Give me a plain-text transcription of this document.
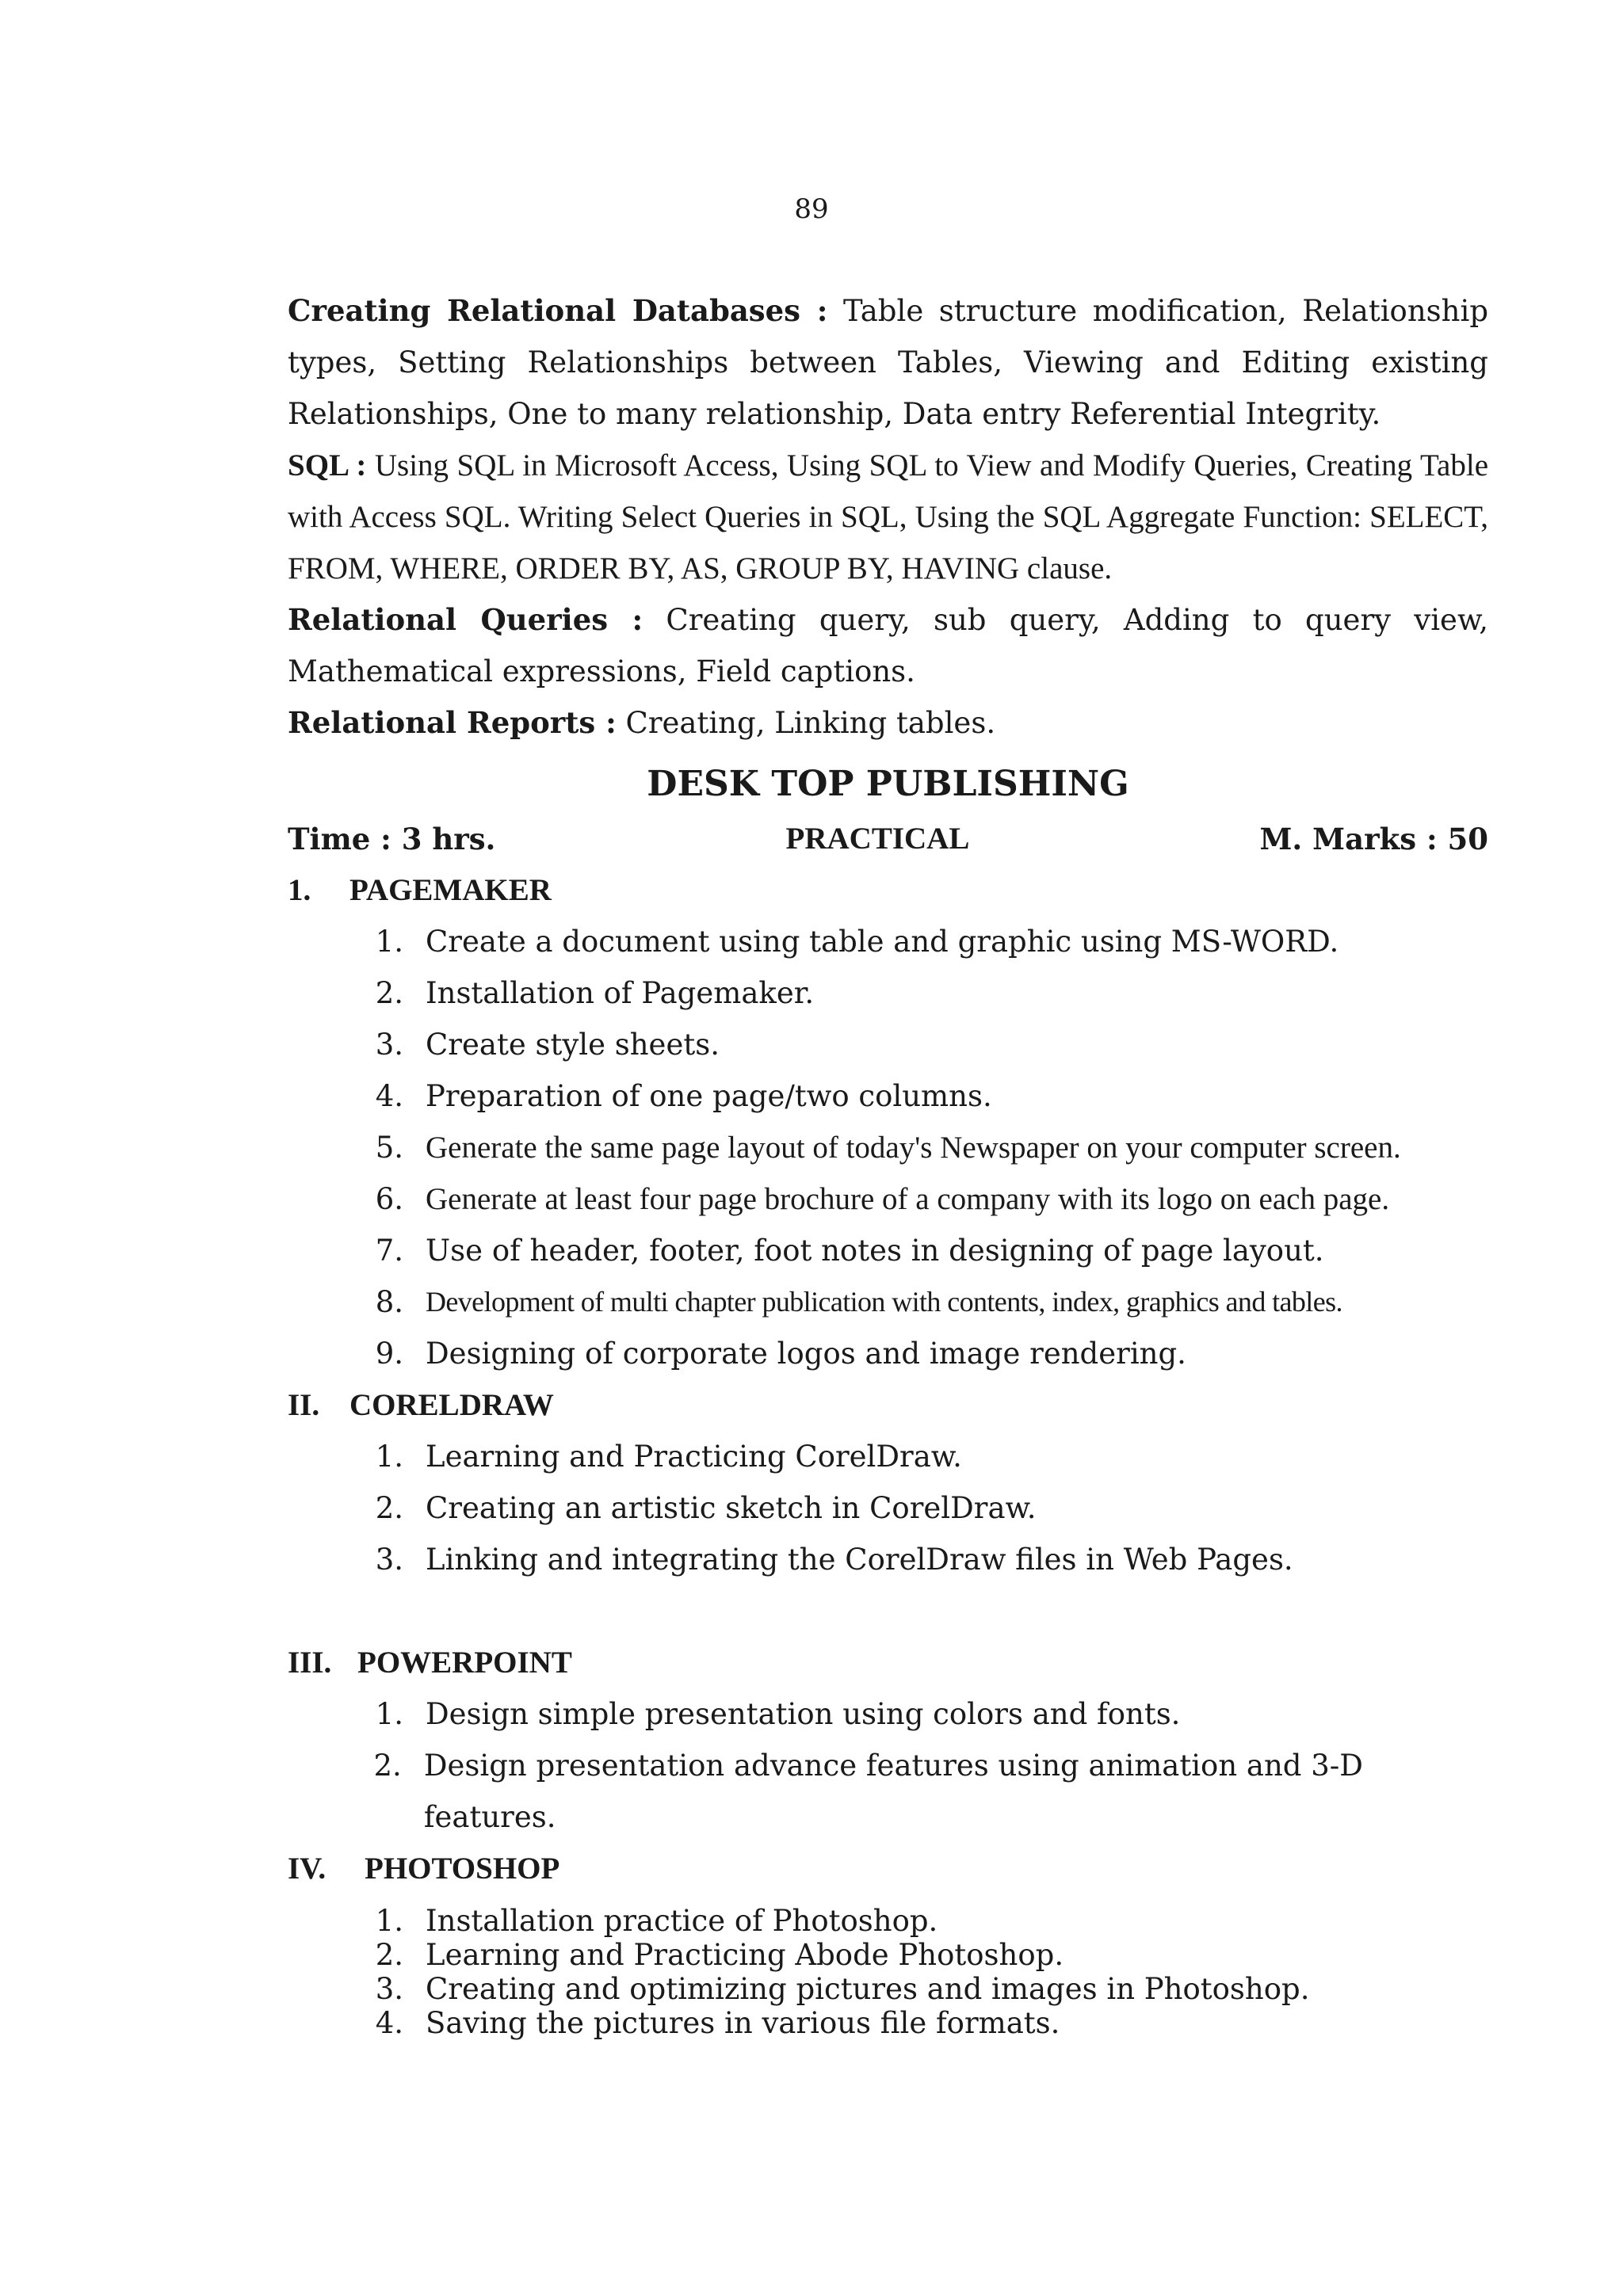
89

Creating Relational Databases : Table structure modification, Relationship types, Setting Relationships between Tables, Viewing and Editing existing Relationships, One to many relationship, Data entry Referential Integrity.

SQL : Using SQL in Microsoft Access, Using SQL to View and Modify Queries, Creating Table with Access SQL. Writing Select Queries in SQL, Using the SQL Aggregate Function: SELECT, FROM, WHERE, ORDER BY, AS, GROUP BY, HAVING clause.

Relational Queries : Creating query, sub query, Adding to query view, Mathematical expressions, Field captions.

Relational Reports : Creating, Linking tables.

DESK TOP PUBLISHING
Time : 3 hrs.	PRACTICAL	M. Marks : 50
1.	PAGEMAKER
1. Create a document using table and graphic using MS-WORD.
2. Installation of Pagemaker.
3. Create style sheets.
4. Preparation of one page/two columns.
5. Generate the same page layout of today's Newspaper on your computer screen.
6. Generate at least four page brochure of a company with its logo on each page.
7. Use of header, footer, foot notes in designing of page layout.
8. Development of multi chapter publication with contents, index, graphics and tables.
9. Designing of corporate logos and image rendering.
II. CORELDRAW
1. Learning and Practicing CorelDraw.
2. Creating an artistic sketch in CorelDraw.
3. Linking and integrating the CorelDraw files in Web Pages.
III. POWERPOINT
1. Design simple presentation using colors and fonts.
2. Design presentation advance features using animation and 3-D features.
IV.	PHOTOSHOP
1. Installation practice of Photoshop.
2. Learning and Practicing Abode Photoshop.
3. Creating and optimizing pictures and images in Photoshop.
4. Saving the pictures in various file formats.
